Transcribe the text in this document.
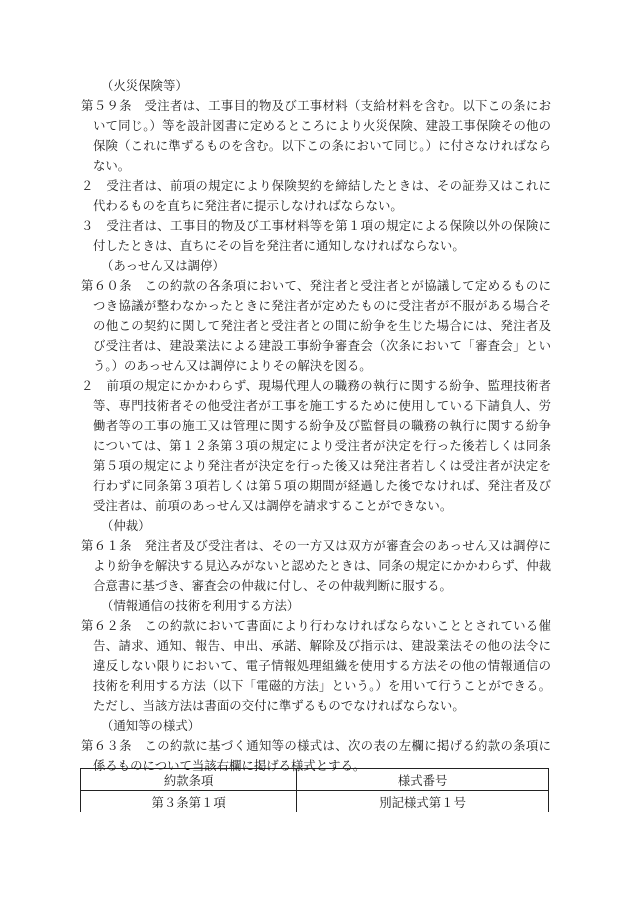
（火災保険等）

第５９条　受注者は、工事目的物及び工事材料（支給材料を含む。以下この条において同じ。）等を設計図書に定めるところにより火災保険、建設工事保険その他の保険（これに準ずるものを含む。以下この条において同じ。）に付さなければならない。

２　受注者は、前項の規定により保険契約を締結したときは、その証券又はこれに代わるものを直ちに発注者に提示しなければならない。

３　受注者は、工事目的物及び工事材料等を第１項の規定による保険以外の保険に付したときは、直ちにその旨を発注者に通知しなければならない。

（あっせん又は調停）

第６０条　この約款の各条項において、発注者と受注者とが協議して定めるものにつき協議が整わなかったときに発注者が定めたものに受注者が不服がある場合その他この契約に関して発注者と受注者との間に紛争を生じた場合には、発注者及び受注者は、建設業法による建設工事紛争審査会（次条において「審査会」という。）のあっせん又は調停によりその解決を図る。

２　前項の規定にかかわらず、現場代理人の職務の執行に関する紛争、監理技術者等、専門技術者その他受注者が工事を施工するために使用している下請負人、労働者等の工事の施工又は管理に関する紛争及び監督員の職務の執行に関する紛争については、第１２条第３項の規定により受注者が決定を行った後若しくは同条第５項の規定により発注者が決定を行った後又は発注者若しくは受注者が決定を行わずに同条第３項若しくは第５項の期間が経過した後でなければ、発注者及び受注者は、前項のあっせん又は調停を請求することができない。

（仲裁）

第６１条　発注者及び受注者は、その一方又は双方が審査会のあっせん又は調停により紛争を解決する見込みがないと認めたときは、同条の規定にかかわらず、仲裁合意書に基づき、審査会の仲裁に付し、その仲裁判断に服する。

（情報通信の技術を利用する方法）

第６２条　この約款において書面により行わなければならないこととされている催告、請求、通知、報告、申出、承諾、解除及び指示は、建設業法その他の法令に違反しない限りにおいて、電子情報処理組織を使用する方法その他の情報通信の技術を利用する方法（以下「電磁的方法」という。）を用いて行うことができる。ただし、当該方法は書面の交付に準ずるものでなければならない。

（通知等の様式）

第６３条　この約款に基づく通知等の様式は、次の表の左欄に掲げる約款の条項に係るものについて当該右欄に掲げる様式とする。

約款条項	様式番号
第３条第１項	別記様式第１号
